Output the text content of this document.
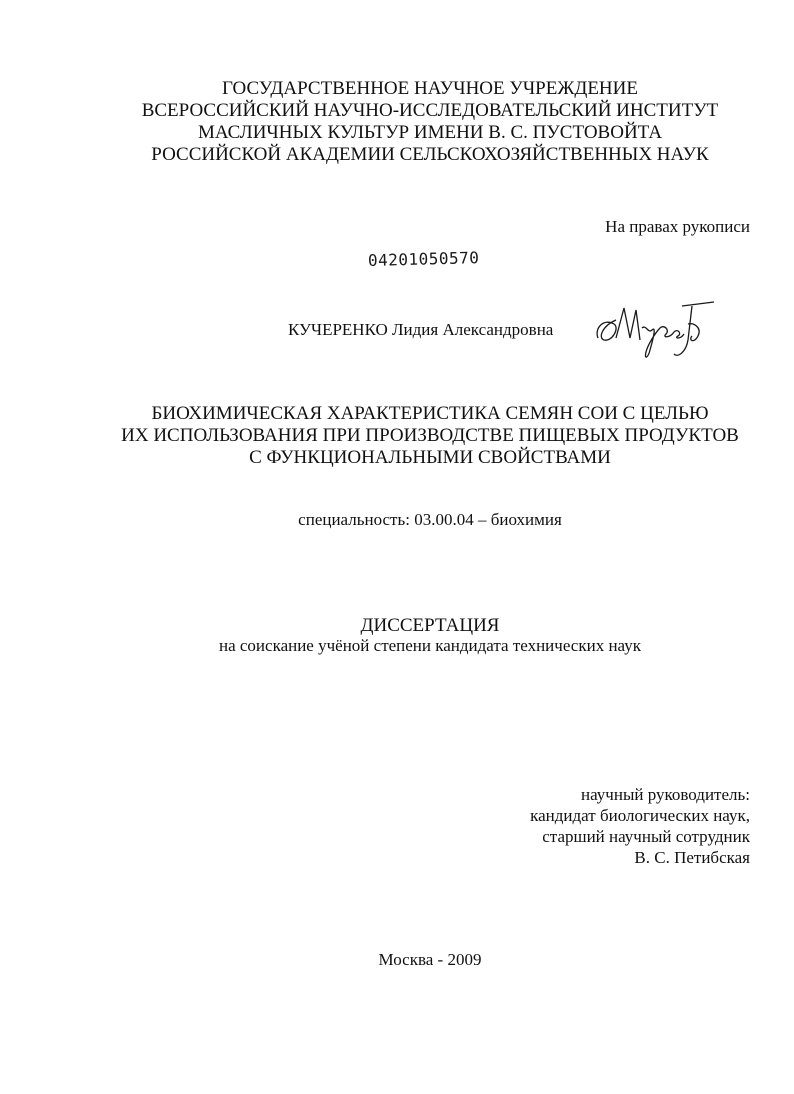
ГОСУДАРСТВЕННОЕ НАУЧНОЕ УЧРЕЖДЕНИЕ
ВСЕРОССИЙСКИЙ НАУЧНО-ИССЛЕДОВАТЕЛЬСКИЙ ИНСТИТУТ
МАСЛИЧНЫХ КУЛЬТУР ИМЕНИ В. С. ПУСТОВОЙТА
РОССИЙСКОЙ АКАДЕМИИ СЕЛЬСКОХОЗЯЙСТВЕННЫХ НАУК
На правах рукописи
04201050570
КУЧЕРЕНКО Лидия Александровна
БИОХИМИЧЕСКАЯ ХАРАКТЕРИСТИКА СЕМЯН СОИ С ЦЕЛЬЮ
ИХ ИСПОЛЬЗОВАНИЯ ПРИ ПРОИЗВОДСТВЕ ПИЩЕВЫХ ПРОДУКТОВ
С ФУНКЦИОНАЛЬНЫМИ СВОЙСТВАМИ
специальность: 03.00.04 – биохимия
ДИССЕРТАЦИЯ
на соискание учёной степени кандидата технических наук
научный руководитель:
кандидат биологических наук,
старший научный сотрудник
В. С. Петибская
Москва - 2009
